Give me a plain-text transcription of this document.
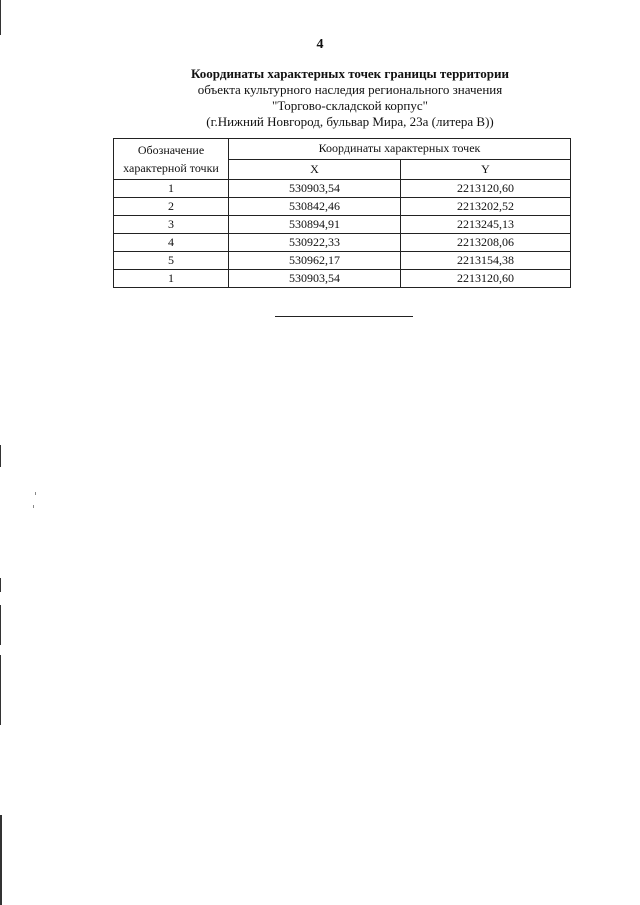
4
Координаты характерных точек границы территории
объекта культурного наследия регионального значения
"Торгово-складской корпус"
(г.Нижний Новгород, бульвар Мира, 23а (литера В))
Обозначение характерной точки	Координаты характерных точек	
	X	Y
1	530903,54	2213120,60
2	530842,46	2213202,52
3	530894,91	2213245,13
4	530922,33	2213208,06
5	530962,17	2213154,38
1	530903,54	2213120,60
